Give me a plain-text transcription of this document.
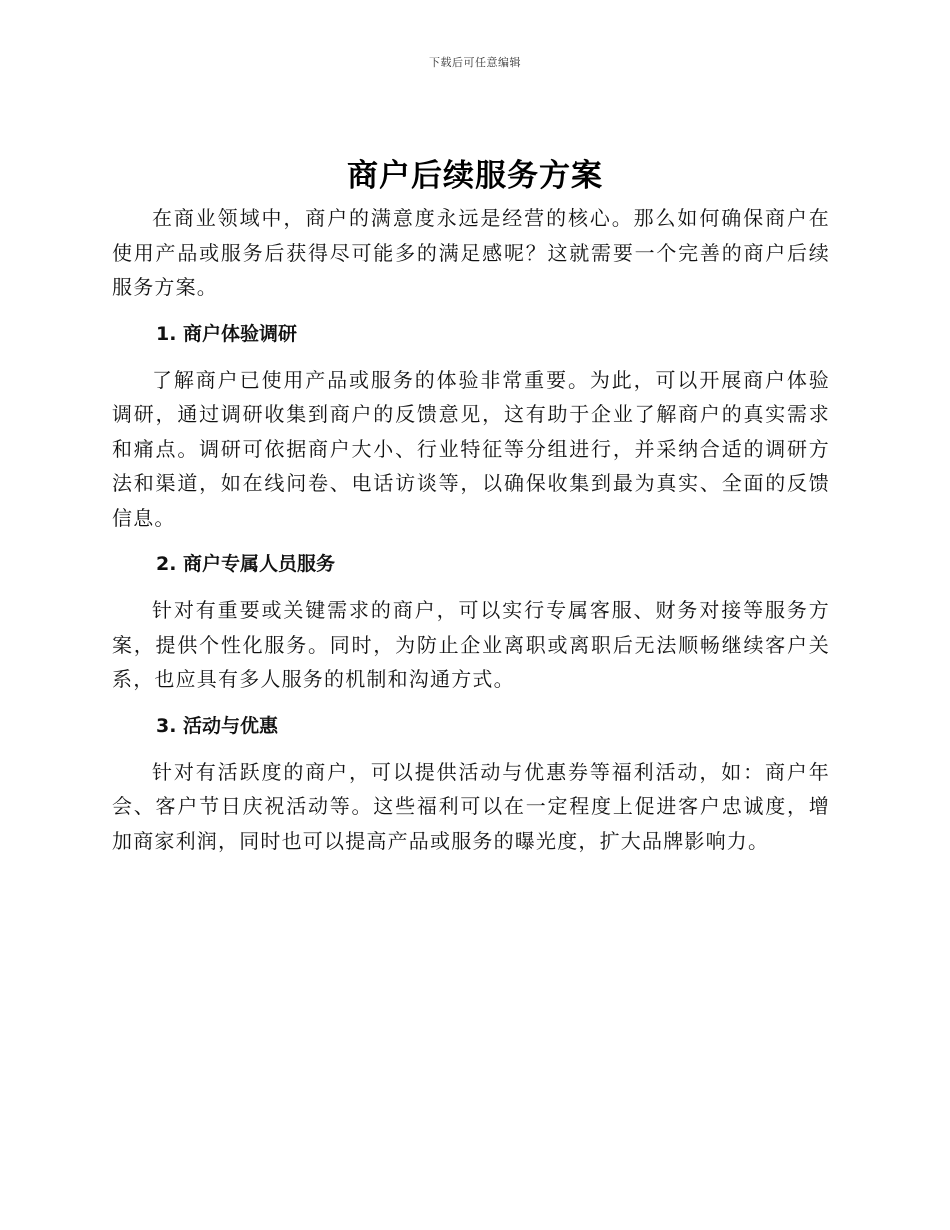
下载后可任意编辑
商户后续服务方案

在商业领域中，商户的满意度永远是经营的核心。那么如何确保商户在使用产品或服务后获得尽可能多的满足感呢？这就需要一个完善的商户后续服务方案。

1. 商户体验调研

了解商户已使用产品或服务的体验非常重要。为此，可以开展商户体验调研，通过调研收集到商户的反馈意见，这有助于企业了解商户的真实需求和痛点。调研可依据商户大小、行业特征等分组进行，并采纳合适的调研方法和渠道，如在线问卷、电话访谈等，以确保收集到最为真实、全面的反馈信息。

2. 商户专属人员服务

针对有重要或关键需求的商户，可以实行专属客服、财务对接等服务方案，提供个性化服务。同时，为防止企业离职或离职后无法顺畅继续客户关系，也应具有多人服务的机制和沟通方式。

3. 活动与优惠

针对有活跃度的商户，可以提供活动与优惠券等福利活动，如：商户年会、客户节日庆祝活动等。这些福利可以在一定程度上促进客户忠诚度，增加商家利润，同时也可以提高产品或服务的曝光度，扩大品牌影响力。
